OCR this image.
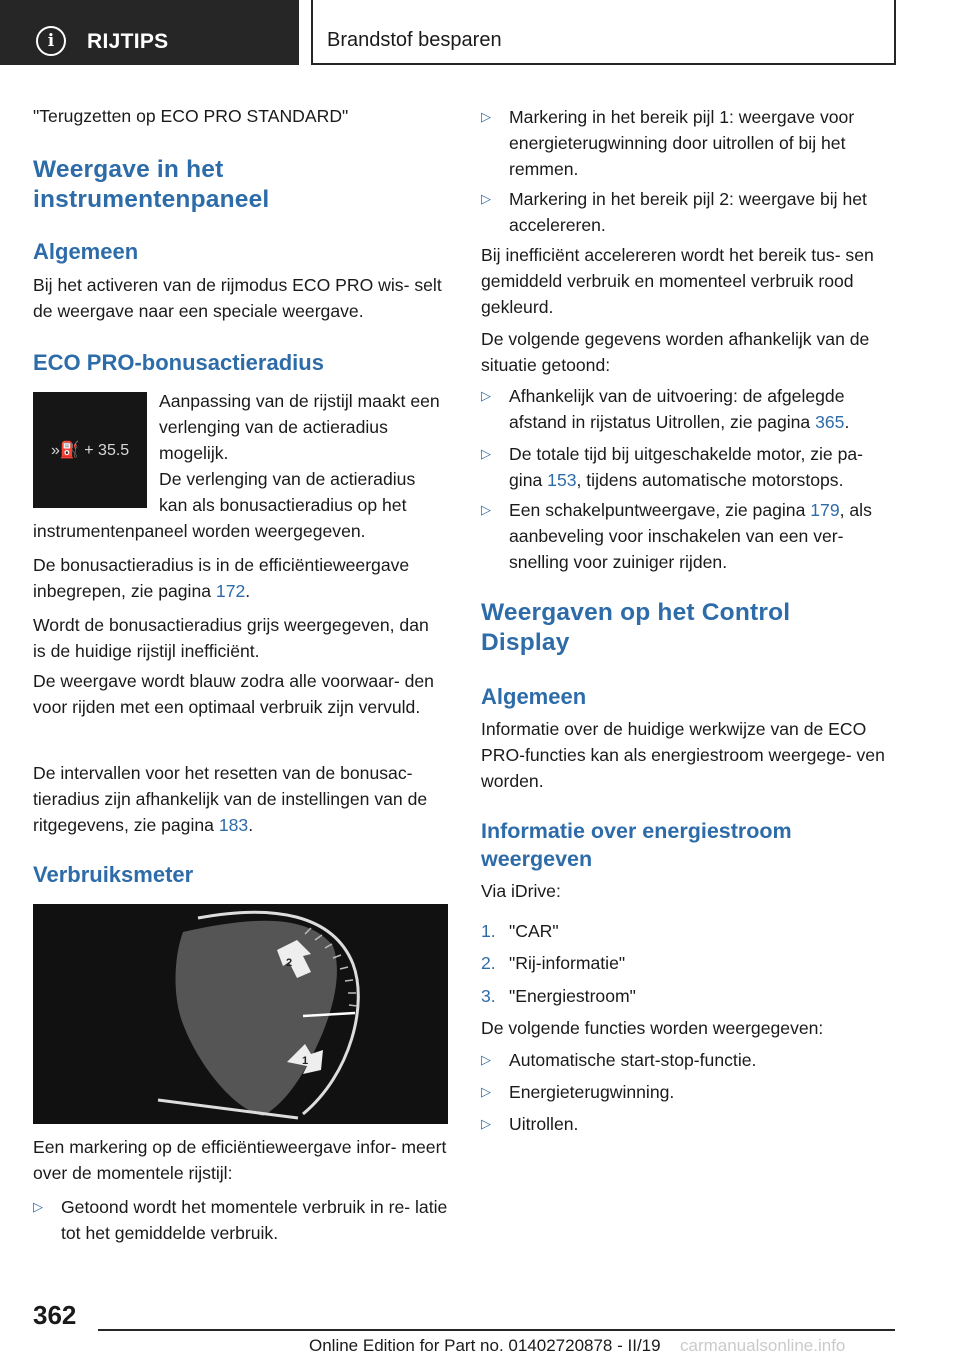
i	RIJTIPS	Brandstof besparen
"Terugzetten op ECO PRO STANDARD"
Weergave in het instrumentenpaneel
Algemeen
Bij het activeren van de rijmodus ECO PRO wis- selt de weergave naar een speciale weergave.
ECO PRO-bonusactieradius
»⛽ + 35.5
Aanpassing van de rijstijl maakt een verlenging van de actieradius mogelijk.
De verlenging van de actieradius kan als bonusactieradius op het
instrumentenpaneel worden weergegeven.
De bonusactieradius is in de efficiëntieweergave inbegrepen, zie pagina 172.
Wordt de bonusactieradius grijs weergegeven, dan is de huidige rijstijl inefficiënt.
De weergave wordt blauw zodra alle voorwaar- den voor rijden met een optimaal verbruik zijn vervuld.
De intervallen voor het resetten van de bonusac- tieradius zijn afhankelijk van de instellingen van de ritgegevens, zie pagina 183.
Verbruiksmeter
2
1
Een markering op de efficiëntieweergave infor- meert over de momentele rijstijl:
▷ Getoond wordt het momentele verbruik in re- latie tot het gemiddelde verbruik.
▷ Markering in het bereik pijl 1: weergave voor energieterugwinning door uitrollen of bij het remmen.
▷ Markering in het bereik pijl 2: weergave bij het accelereren.
Bij inefficiënt accelereren wordt het bereik tus- sen gemiddeld verbruik en momenteel verbruik rood gekleurd.
De volgende gegevens worden afhankelijk van de situatie getoond:
▷ Afhankelijk van de uitvoering: de afgelegde afstand in rijstatus Uitrollen, zie pagina 365.
▷ De totale tijd bij uitgeschakelde motor, zie pa- gina 153, tijdens automatische motorstops.
▷ Een schakelpuntweergave, zie pagina 179, als aanbeveling voor inschakelen van een ver- snelling voor zuiniger rijden.
Weergaven op het Control Display
Algemeen
Informatie over de huidige werkwijze van de ECO PRO-functies kan als energiestroom weergege- ven worden.
Informatie over energiestroom weergeven
Via iDrive:
1. "CAR"
2. "Rij-informatie"
3. "Energiestroom"
De volgende functies worden weergegeven:
▷ Automatische start-stop-functie.
▷ Energieterugwinning.
▷ Uitrollen.
362
Online Edition for Part no. 01402720878 - II/19 carmanualsonline.info
